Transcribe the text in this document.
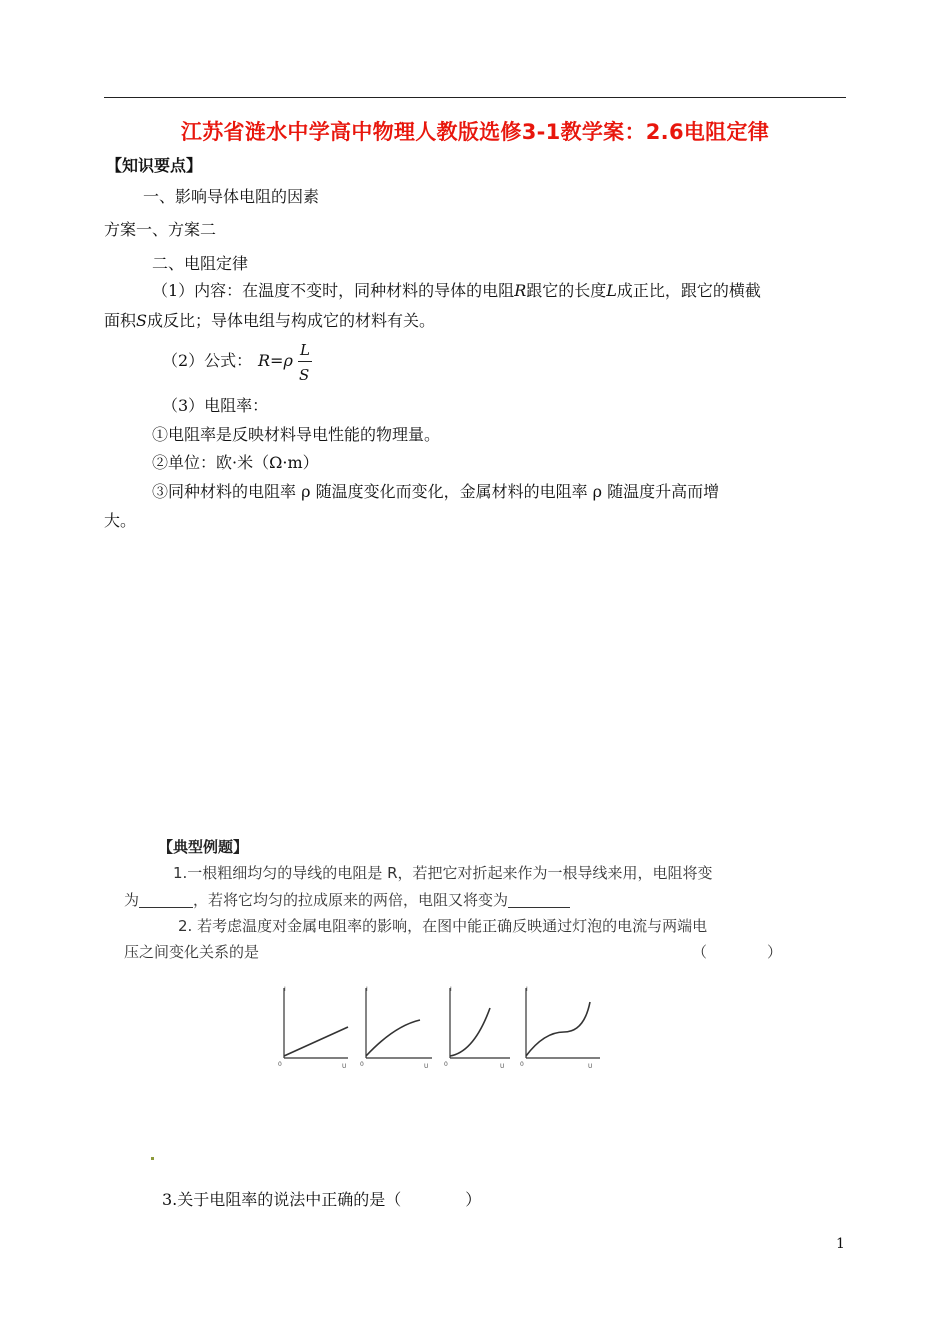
江苏省涟水中学高中物理人教版选修3-1教学案：2.6电阻定律
【知识要点】
一、影响导体电阻的因素
方案一、方案二
二、电阻定律
（1）内容：在温度不变时，同种材料的导体的电阻R跟它的长度L成正比，跟它的横截
面积S成反比；导体电组与构成它的材料有关。
（2）公式： R=ρ
L
S
（3）电阻率：
①电阻率是反映材料导电性能的物理量。
②单位：欧·米（Ω·m）
③同种材料的电阻率 ρ 随温度变化而变化，金属材料的电阻率 ρ 随温度升高而增
大。
【典型例题】
1.一根粗细均匀的导线的电阻是 R，若把它对折起来作为一根导线来用，电阻将变
为	，若将它均匀的拉成原来的两倍，电阻又将变为
2. 若考虑温度对金属电阻率的影响，在图中能正确反映通过灯泡的电流与两端电
压之间变化关系的是	（　　　　）
0
I
U 0
I
U	0
I
U	0
I
U
3.关于电阻率的说法中正确的是（　　　　）
1
